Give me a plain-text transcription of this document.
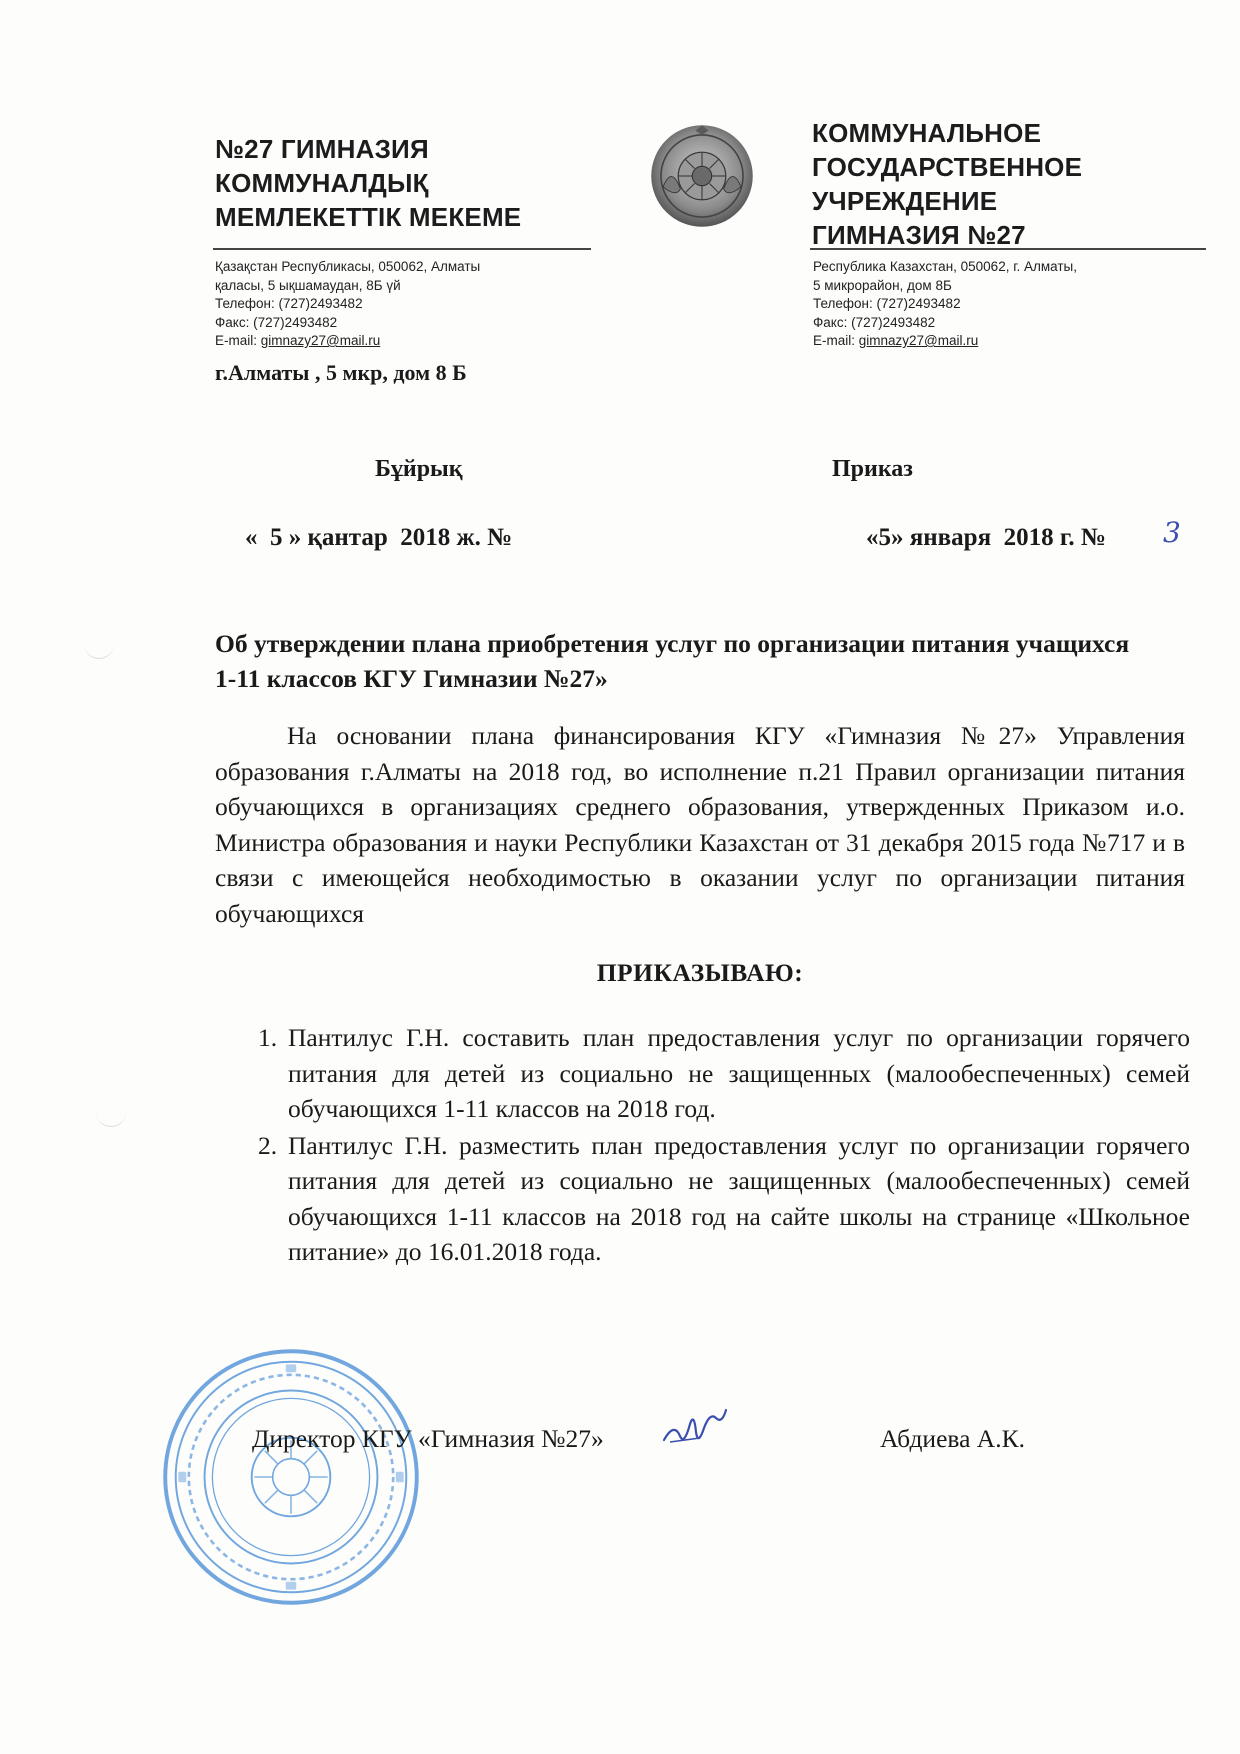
№27 ГИМНАЗИЯ
КОММУНАЛДЫҚ
МЕМЛЕКЕТТІК МЕКЕМЕ
КОММУНАЛЬНОЕ
ГОСУДАРСТВЕННОЕ
УЧРЕЖДЕНИЕ
ГИМНАЗИЯ №27
Қазақстан Республикасы, 050062, Алматы
қаласы, 5 ықшамаудан, 8Б үй
Телефон: (727)2493482
Факс: (727)2493482
E-mail: gimnazy27@mail.ru
Республика Казахстан, 050062, г. Алматы,
5 микрорайон, дом 8Б
Телефон: (727)2493482
Факс: (727)2493482
E-mail: gimnazy27@mail.ru
г.Алматы , 5 мкр, дом 8 Б
Бұйрық	Приказ
«  5 » қантар  2018 ж. №	«5» января  2018 г. № 3
Об утверждении плана приобретения услуг по организации питания учащихся 1-11 классов КГУ Гимназии №27»
На основании плана финансирования КГУ «Гимназия №27» Управления образования г.Алматы на 2018 год, во исполнение п.21 Правил организации питания обучающихся в организациях среднего образования, утвержденных Приказом и.о. Министра образования и науки Республики Казахстан от 31 декабря 2015 года №717 и в связи с имеющейся необходимостью в оказании услуг по организации питания обучающихся
ПРИКАЗЫВАЮ:
1. Пантилус Г.Н. составить план предоставления услуг по организации горячего питания для детей из социально не защищенных (малообеспеченных) семей обучающихся 1-11 классов на 2018 год.
2. Пантилус Г.Н. разместить план предоставления услуг по организации горячего питания для детей из социально не защищенных (малообеспеченных) семей обучающихся 1-11 классов на 2018 год на сайте школы на странице «Школьное питание» до 16.01.2018 года.
Директор КГУ «Гимназия №27»	Абдиева А.К.
